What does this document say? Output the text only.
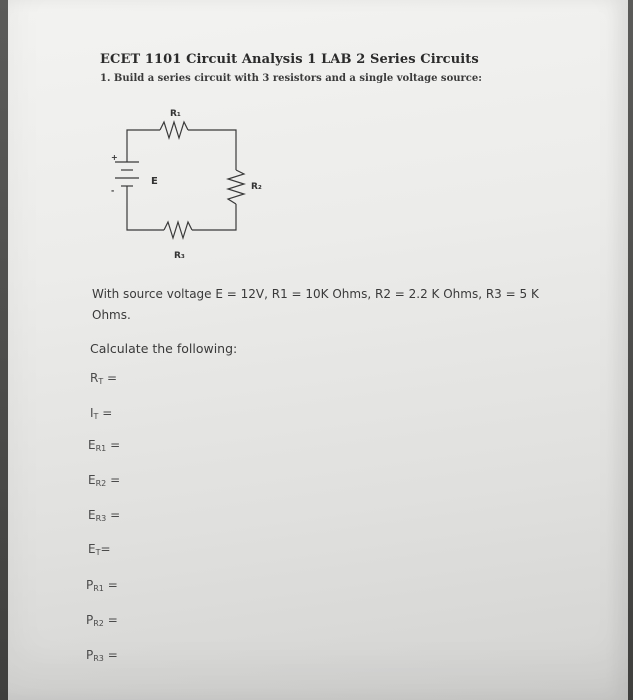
ECET 1101 Circuit Analysis 1 LAB 2 Series Circuits

1. Build a series circuit with 3 resistors and a single voltage source:

R₁
R₂
R₃
E
+
-

With source voltage E = 12V, R1 = 10K Ohms, R2 = 2.2 K Ohms, R3 = 5 K Ohms.

Calculate the following:

$R_T$ =
$I_T$ =
$E_{R1}$ =
$E_{R2}$ =
$E_{R3}$ =
$E_T=$
$P_{R1}$ =
$P_{R2}$ =
$P_{R3}$ =
